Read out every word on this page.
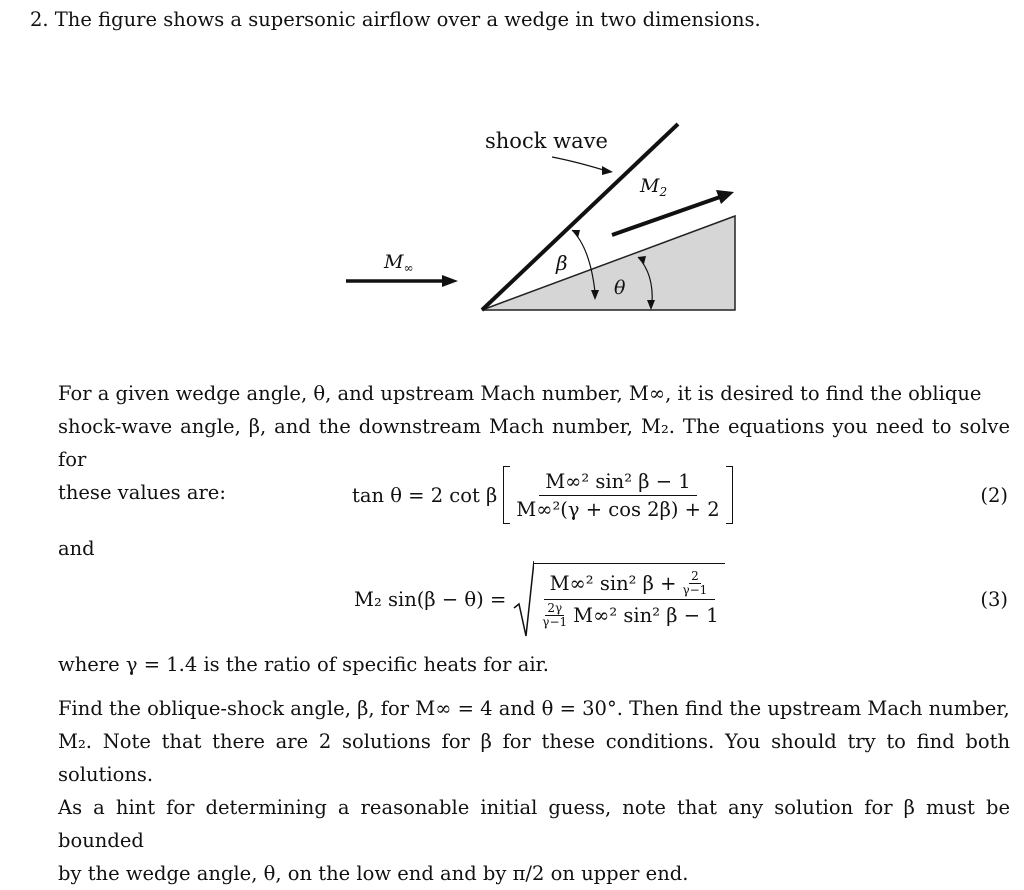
2. The figure shows a supersonic airflow over a wedge in two dimensions.
shock wave
$M_2$
$M_\infty$	β
θ
For a given wedge angle, θ, and upstream Mach number, M∞, it is desired to find the oblique
shock-wave angle, β, and the downstream Mach number, M₂. The equations you need to solve for
these values are:	tan θ = 2 cot β $\frac{\text{M∞² sin² β − 1}}{\text{M∞²(γ + cos 2β) + 2}}$	(2)
and
M₂ $\sin(\beta - \theta) = \frac{M\infty^2 \sin^2 \beta + \frac{2}{\gamma-1}}{\frac{2\gamma}{\gamma-1} M\infty^2 \sin^2 \beta - 1}$	(3)
where γ = 1.4 is the ratio of specific heats for air.
Find the oblique-shock angle, β, for M∞ = 4 and θ = 30°. Then find the upstream Mach number,
M₂. Note that there are 2 solutions for β for these conditions. You should try to find both solutions.
As a hint for determining a reasonable initial guess, note that any solution for β must be bounded
by the wedge angle, θ, on the low end and by π/2 on upper end.
